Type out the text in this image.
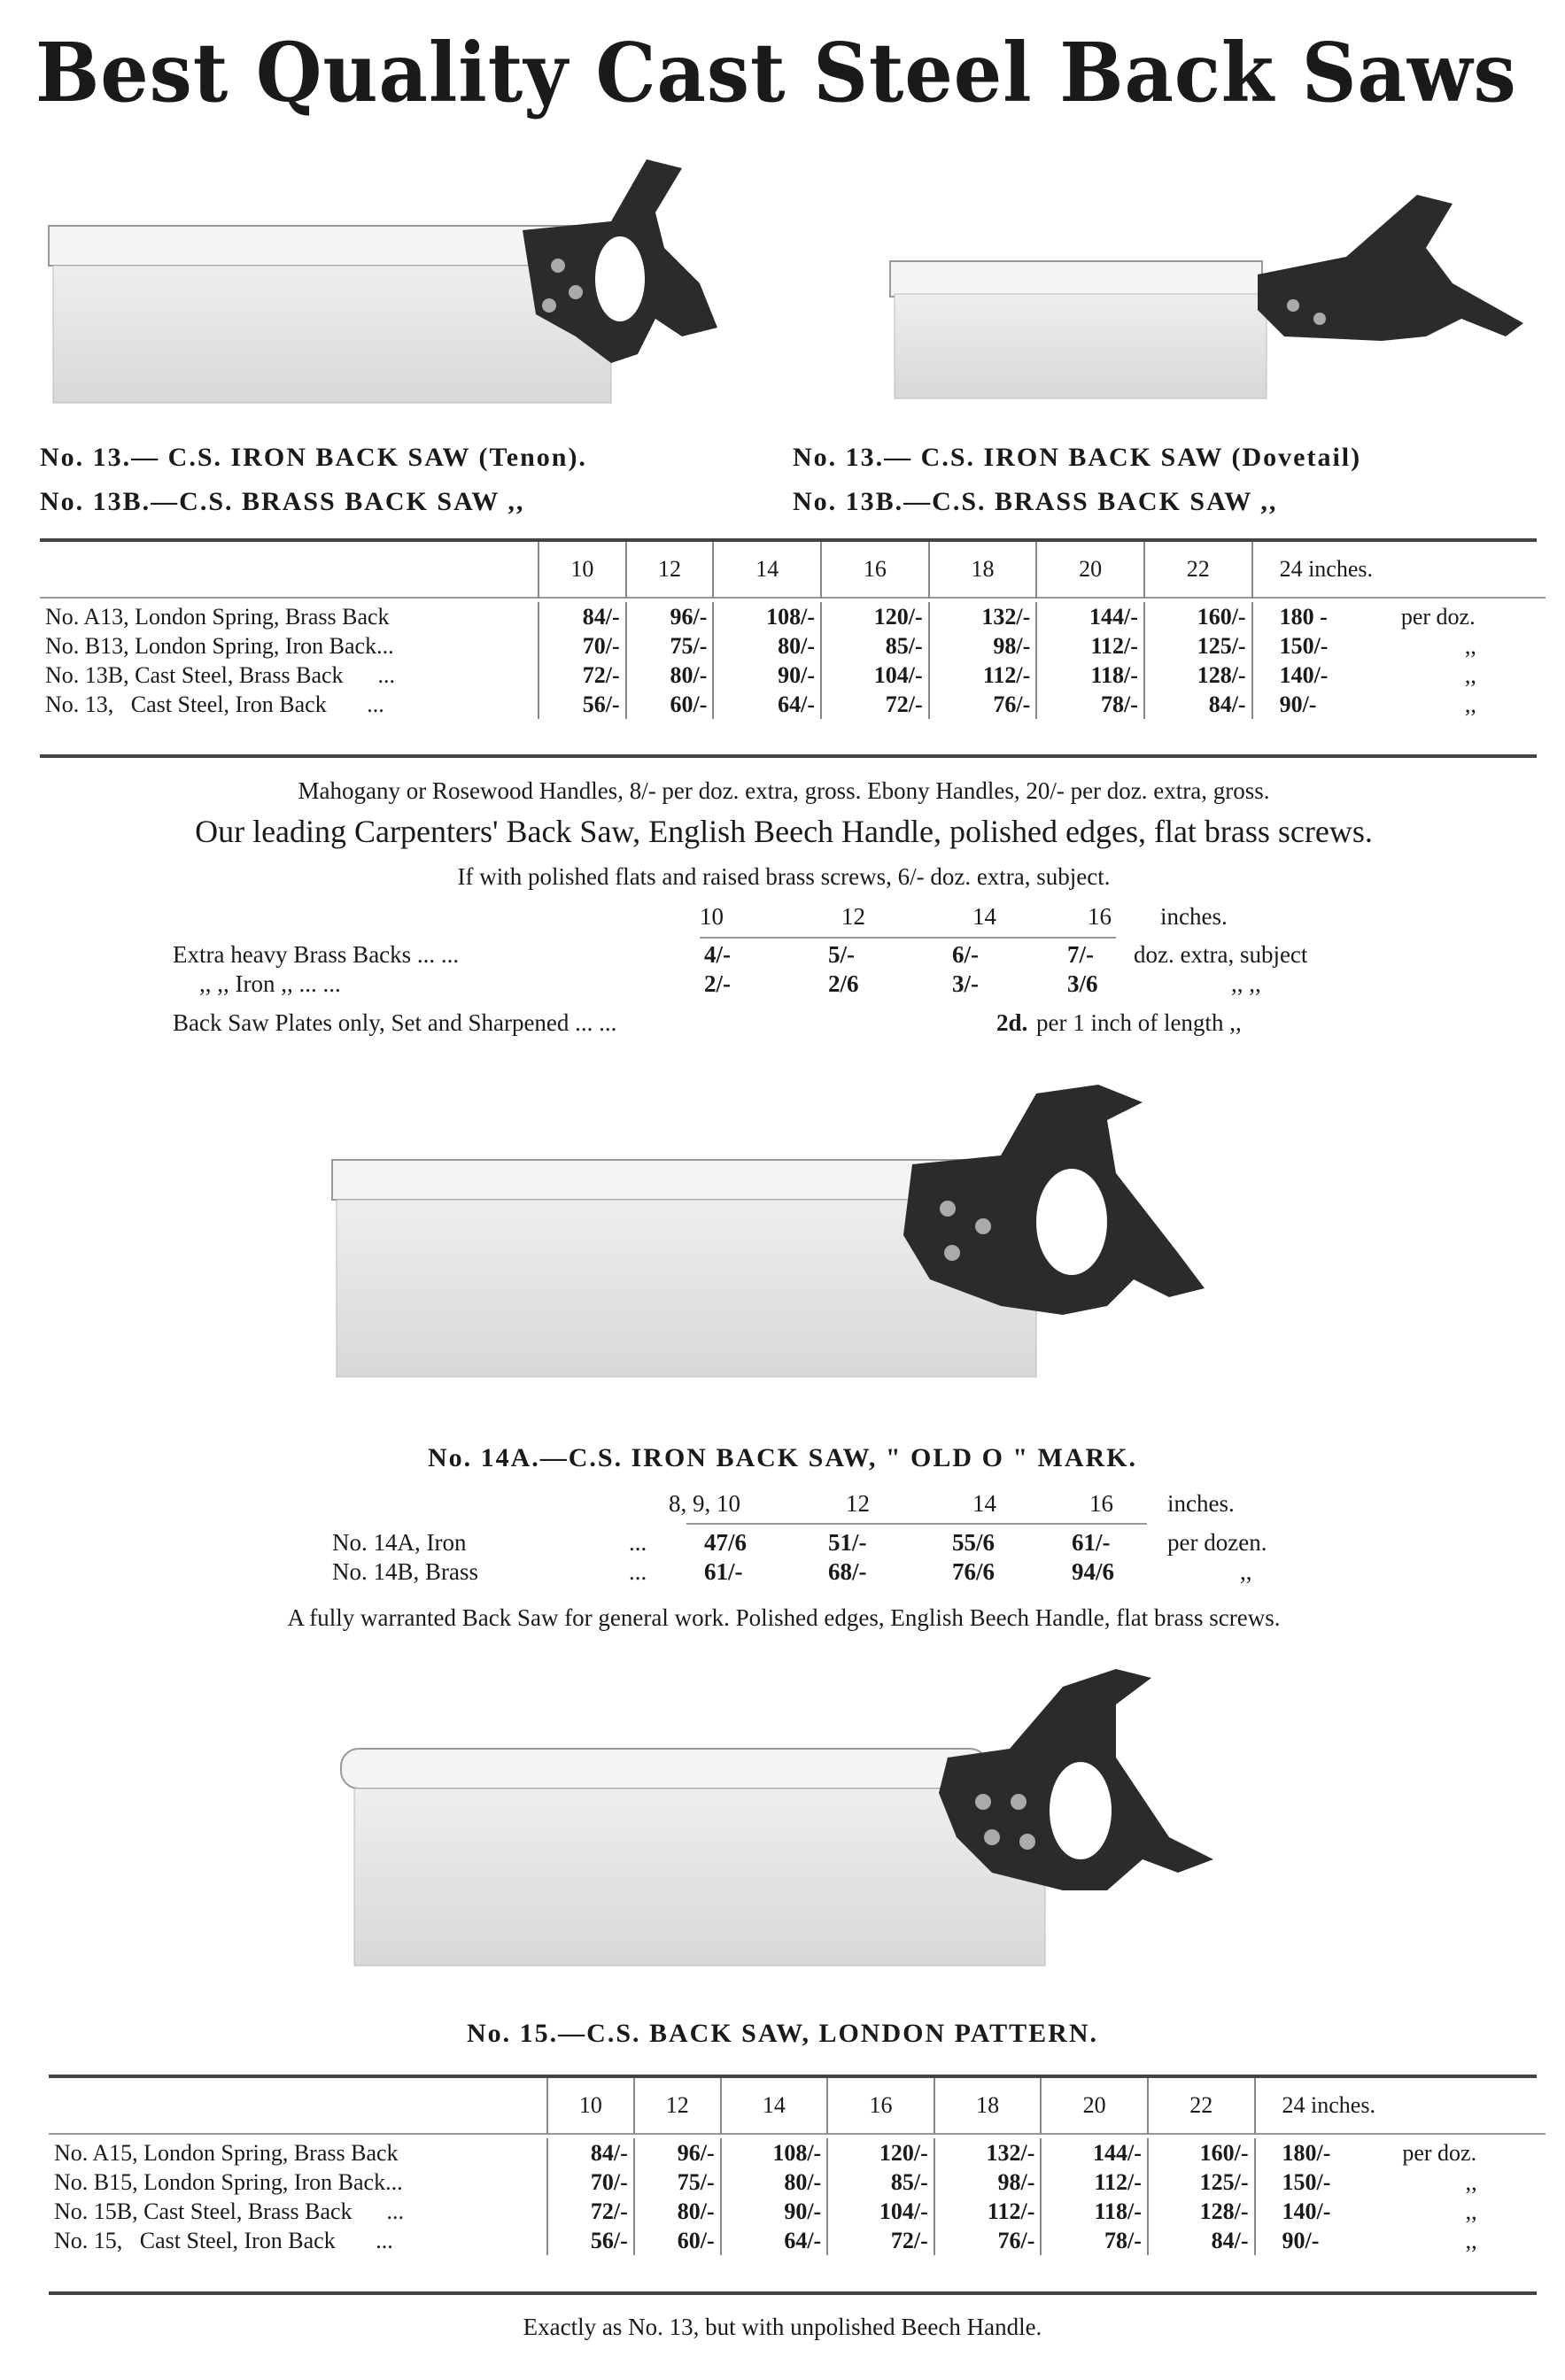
Best Quality Cast Steel Back Saws
No. 13.— C.S. IRON BACK SAW (Tenon).
No. 13B.—C.S. BRASS BACK SAW ,,
No. 13.— C.S. IRON BACK SAW (Dovetail)
No. 13B.—C.S. BRASS BACK SAW ,,
	10	12	14	16	18	20	22	24 inches.

No. A13, London Spring, Brass Back	84/-	96/-	108/-	120/-	132/-	144/-	160/-	180 -	per doz.
No. B13, London Spring, Iron Back...	70/-	75/-	80/-	85/-	98/-	112/-	125/-	150/-	,,
No. 13B, Cast Steel, Brass Back      ...	72/-	80/-	90/-	104/-	112/-	118/-	128/-	140/-	,,
No. 13,   Cast Steel, Iron Back       ...	56/-	60/-	64/-	72/-	76/-	78/-	84/-	90/-	,,
Mahogany or Rosewood Handles, 8/- per doz. extra, gross. Ebony Handles, 20/- per doz. extra, gross.
Our leading Carpenters' Back Saw, English Beech Handle, polished edges, flat brass screws.
If with polished flats and raised brass screws, 6/- doz. extra, subject.
10	12	14	16 inches.
Extra heavy Brass Backs ... ...	4/-	5/-	6/-	7/- doz. extra, subject
,, ,, Iron ,, ... ...	2/-	2/6	3/-	3/6	,, ,,
Back Saw Plates only, Set and Sharpened ... ...	2d. per 1 inch of length ,,
No. 14A.—C.S. IRON BACK SAW, " OLD O " MARK.
8, 9, 10	12	14	16 inches.
No. 14A, Iron	... 47/6	51/-	55/6	61/- per dozen.
No. 14B, Brass	... 61/-	68/-	76/6	94/6	,,
A fully warranted Back Saw for general work. Polished edges, English Beech Handle, flat brass screws.
No. 15.—C.S. BACK SAW, LONDON PATTERN.
	10	12	14	16	18	20	22	24 inches.

No. A15, London Spring, Brass Back	84/-	96/-	108/-	120/-	132/-	144/-	160/-	180/-	per doz.
No. B15, London Spring, Iron Back...	70/-	75/-	80/-	85/-	98/-	112/-	125/-	150/-	,,
No. 15B, Cast Steel, Brass Back      ...	72/-	80/-	90/-	104/-	112/-	118/-	128/-	140/-	,,
No. 15,   Cast Steel, Iron Back       ...	56/-	60/-	64/-	72/-	76/-	78/-	84/-	90/-	,,
Exactly as No. 13, but with unpolished Beech Handle.
